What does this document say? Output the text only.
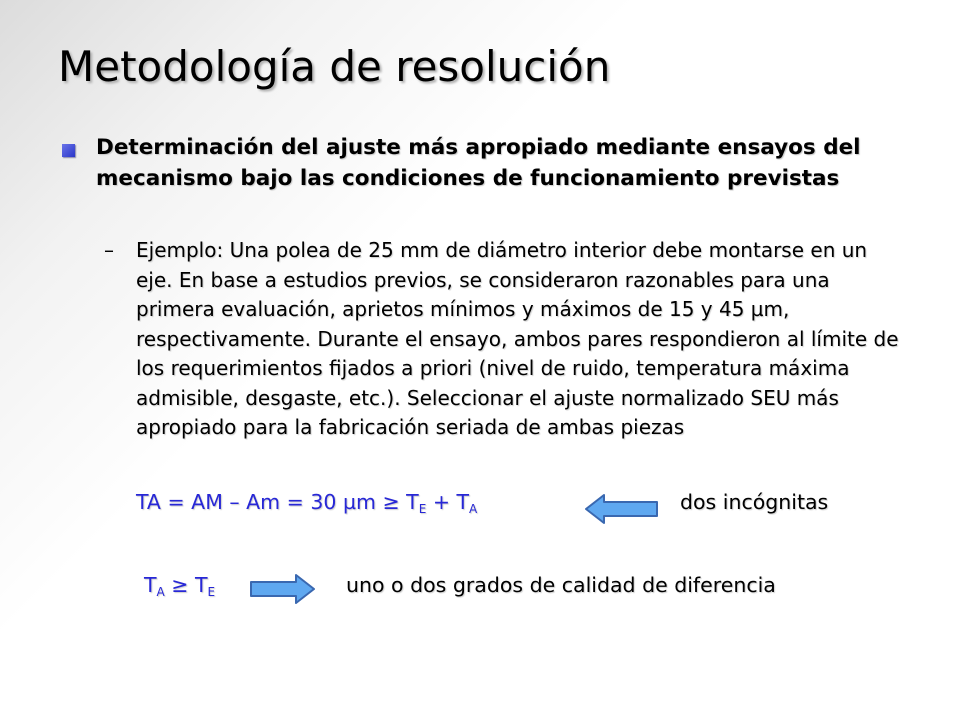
Metodología de resolución

Determinación del ajuste más apropiado mediante ensayos del mecanismo bajo las condiciones de funcionamiento previstas

– Ejemplo: Una polea de 25 mm de diámetro interior debe montarse en un eje. En base a estudios previos, se consideraron razonables para una primera evaluación, aprietos mínimos y máximos de 15 y 45 µm, respectivamente. Durante el ensayo, ambos pares respondieron al límite de los requerimientos fijados a priori (nivel de ruido, temperatura máxima admisible, desgaste, etc.). Seleccionar el ajuste normalizado SEU más apropiado para la fabricación seriada de ambas piezas

TA = AM – Am = 30 $\mu m \ge T_E + T_A$	dos incógnitas
$T_A \ge T_E$	uno o dos grados de calidad de diferencia
